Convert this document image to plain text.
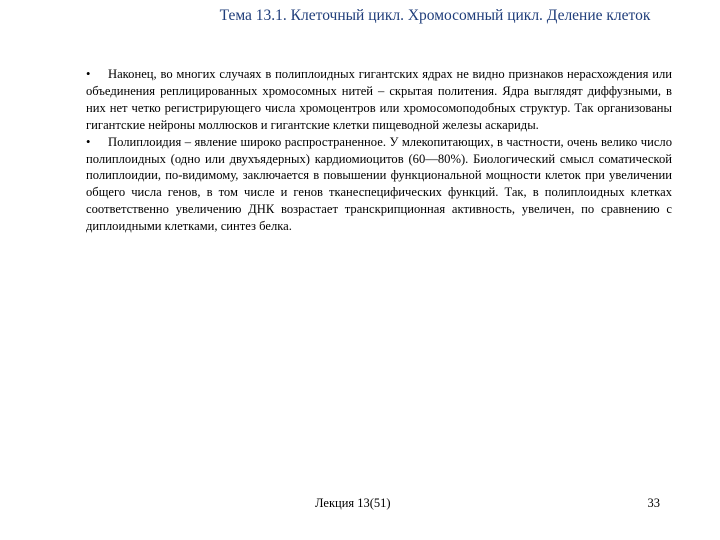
Тема 13.1. Клеточный цикл. Хромосомный цикл. Деление клеток

• Наконец, во многих случаях в полиплоидных гигантских ядрах не видно признаков нерасхождения или объединения реплицированных хромосомных нитей – скрытая политения. Ядра выглядят диффузными, в них нет четко регистрирующего числа хромоцентров или хромосомоподобных структур. Так организованы гигантские нейроны моллюсков и гигантские клетки пищеводной железы аскариды.

• Полиплоидия – явление широко распространенное. У млекопитающих, в частности, очень велико число полиплоидных (одно или двухъядерных) кардиомиоцитов (60—80%). Биологический смысл соматической полиплоидии, по-видимому, заключается в повышении функциональной мощности клеток при увеличении общего числа генов, в том числе и генов тканеспецифических функций. Так, в полиплоидных клетках соответственно увеличению ДНК возрастает транскрипционная активность, увеличен, по сравнению с диплоидными клетками, синтез белка.

Лекция 13(51)	33
